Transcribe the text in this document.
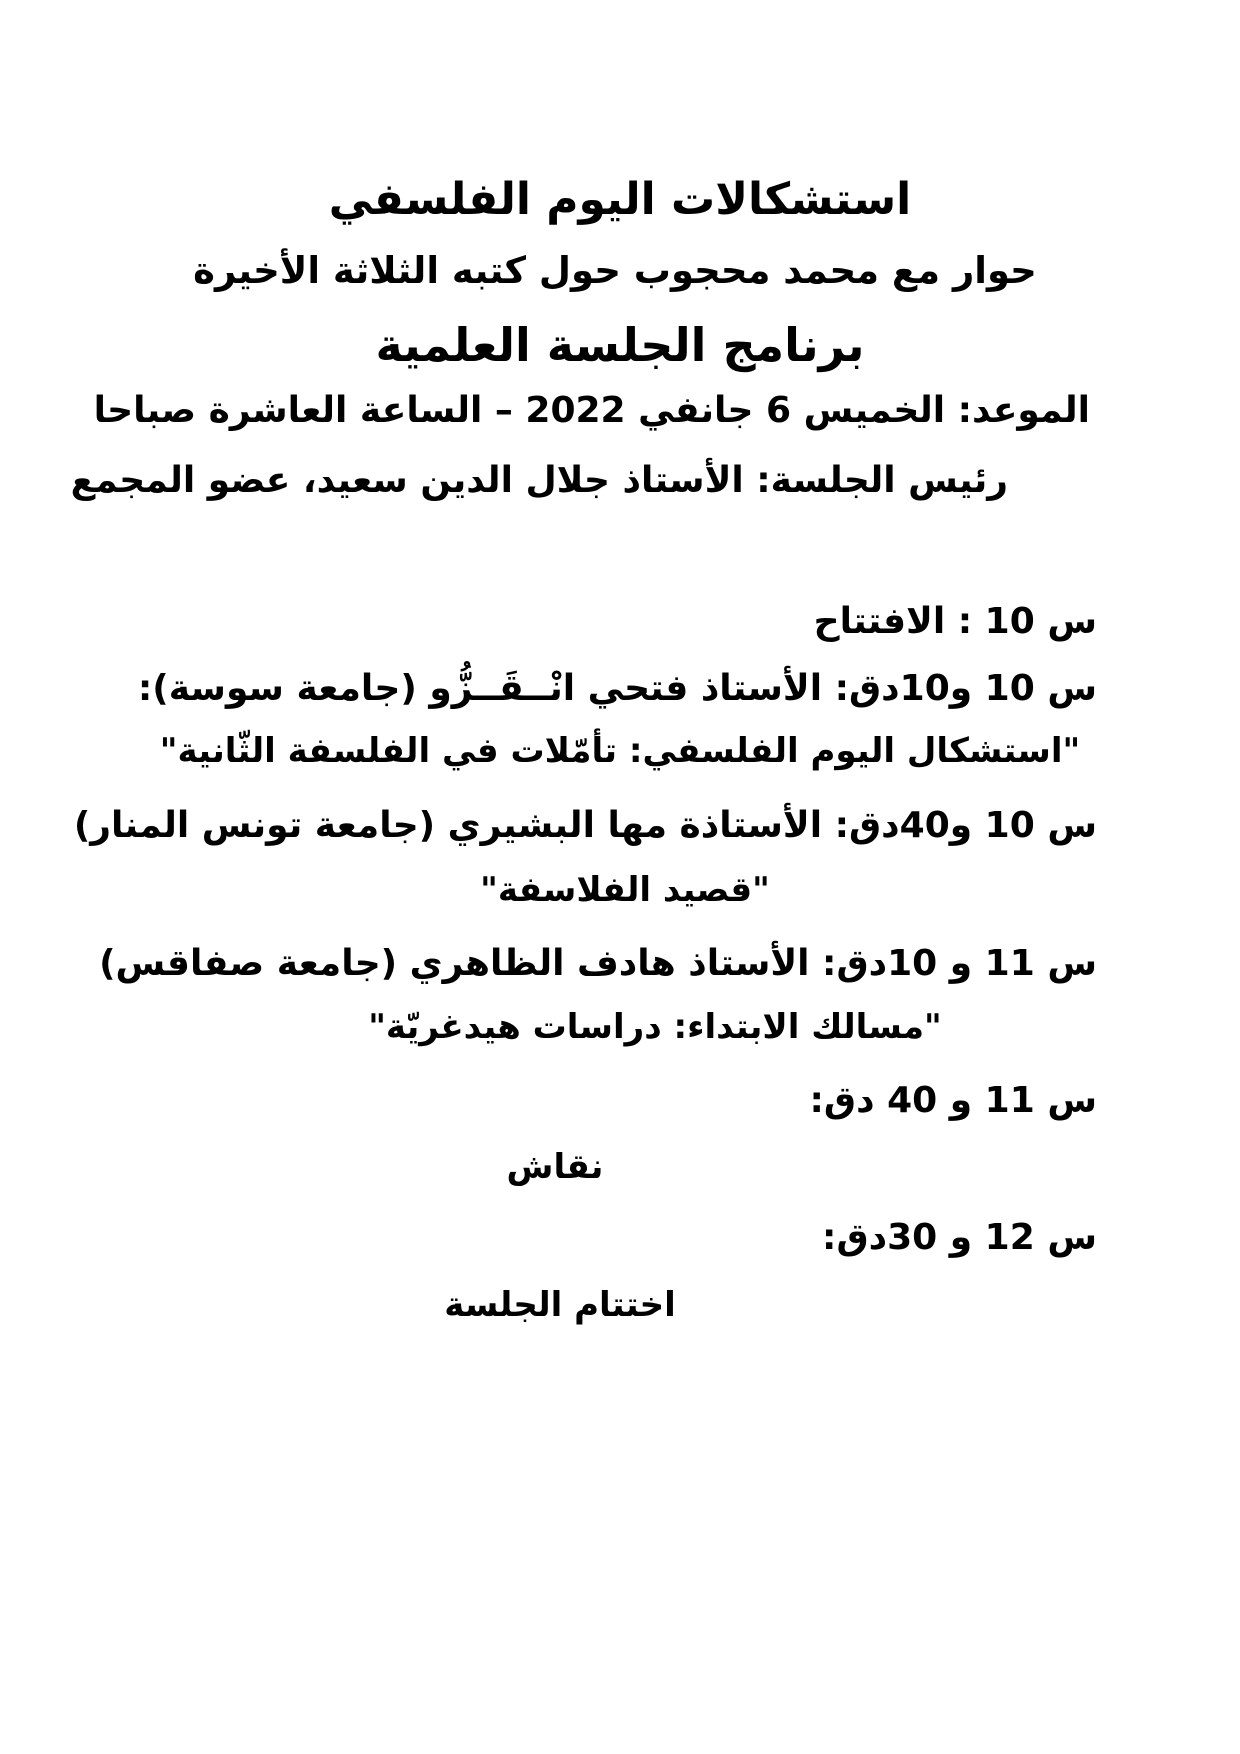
استشكالات اليوم الفلسفي
حوار مع محمد محجوب حول كتبه الثلاثة الأخيرة
برنامج الجلسة العلمية
الموعد: الخميس 6 جانفي 2022 – الساعة العاشرة صباحا
رئيس الجلسة: الأستاذ جلال الدين سعيد، عضو المجمع
س 10 : الافتتاح
س 10 و10دق: الأستاذ فتحي انْــقَــزُّو (جامعة سوسة):
"استشكال اليوم الفلسفي: تأمّلات في الفلسفة الثّانية"
س 10 و40دق: الأستاذة مها البشيري (جامعة تونس المنار)
"قصيد الفلاسفة"
س 11 و 10دق: الأستاذ هادف الظاهري (جامعة صفاقس)
"مسالك الابتداء: دراسات هيدغريّة"
س 11 و 40 دق:
نقاش
س 12 و 30دق:
اختتام الجلسة
